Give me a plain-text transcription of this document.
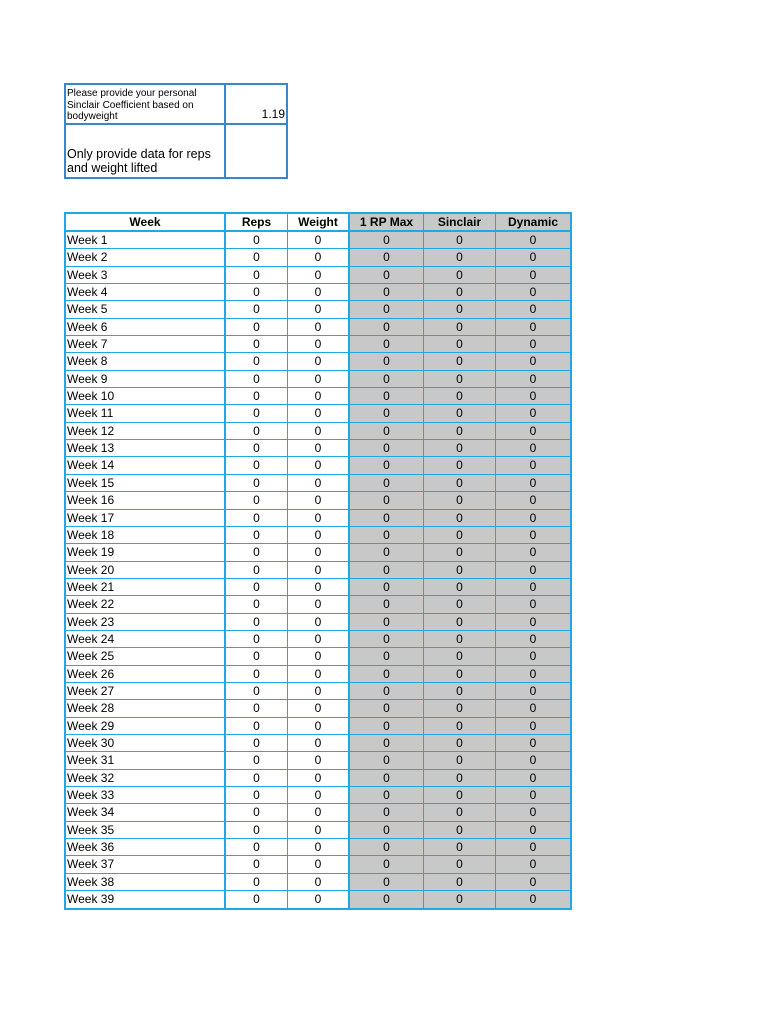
Please provide your personal Sinclair Coefficient based on bodyweight	1.19
Only provide data for reps and weight lifted
Week	Reps	Weight	1 RP Max	Sinclair	Dynamic
Week 1	0	0	0	0	0
Week 2	0	0	0	0	0
Week 3	0	0	0	0	0
Week 4	0	0	0	0	0
Week 5	0	0	0	0	0
Week 6	0	0	0	0	0
Week 7	0	0	0	0	0
Week 8	0	0	0	0	0
Week 9	0	0	0	0	0
Week 10	0	0	0	0	0
Week 11	0	0	0	0	0
Week 12	0	0	0	0	0
Week 13	0	0	0	0	0
Week 14	0	0	0	0	0
Week 15	0	0	0	0	0
Week 16	0	0	0	0	0
Week 17	0	0	0	0	0
Week 18	0	0	0	0	0
Week 19	0	0	0	0	0
Week 20	0	0	0	0	0
Week 21	0	0	0	0	0
Week 22	0	0	0	0	0
Week 23	0	0	0	0	0
Week 24	0	0	0	0	0
Week 25	0	0	0	0	0
Week 26	0	0	0	0	0
Week 27	0	0	0	0	0
Week 28	0	0	0	0	0
Week 29	0	0	0	0	0
Week 30	0	0	0	0	0
Week 31	0	0	0	0	0
Week 32	0	0	0	0	0
Week 33	0	0	0	0	0
Week 34	0	0	0	0	0
Week 35	0	0	0	0	0
Week 36	0	0	0	0	0
Week 37	0	0	0	0	0
Week 38	0	0	0	0	0
Week 39	0	0	0	0	0
